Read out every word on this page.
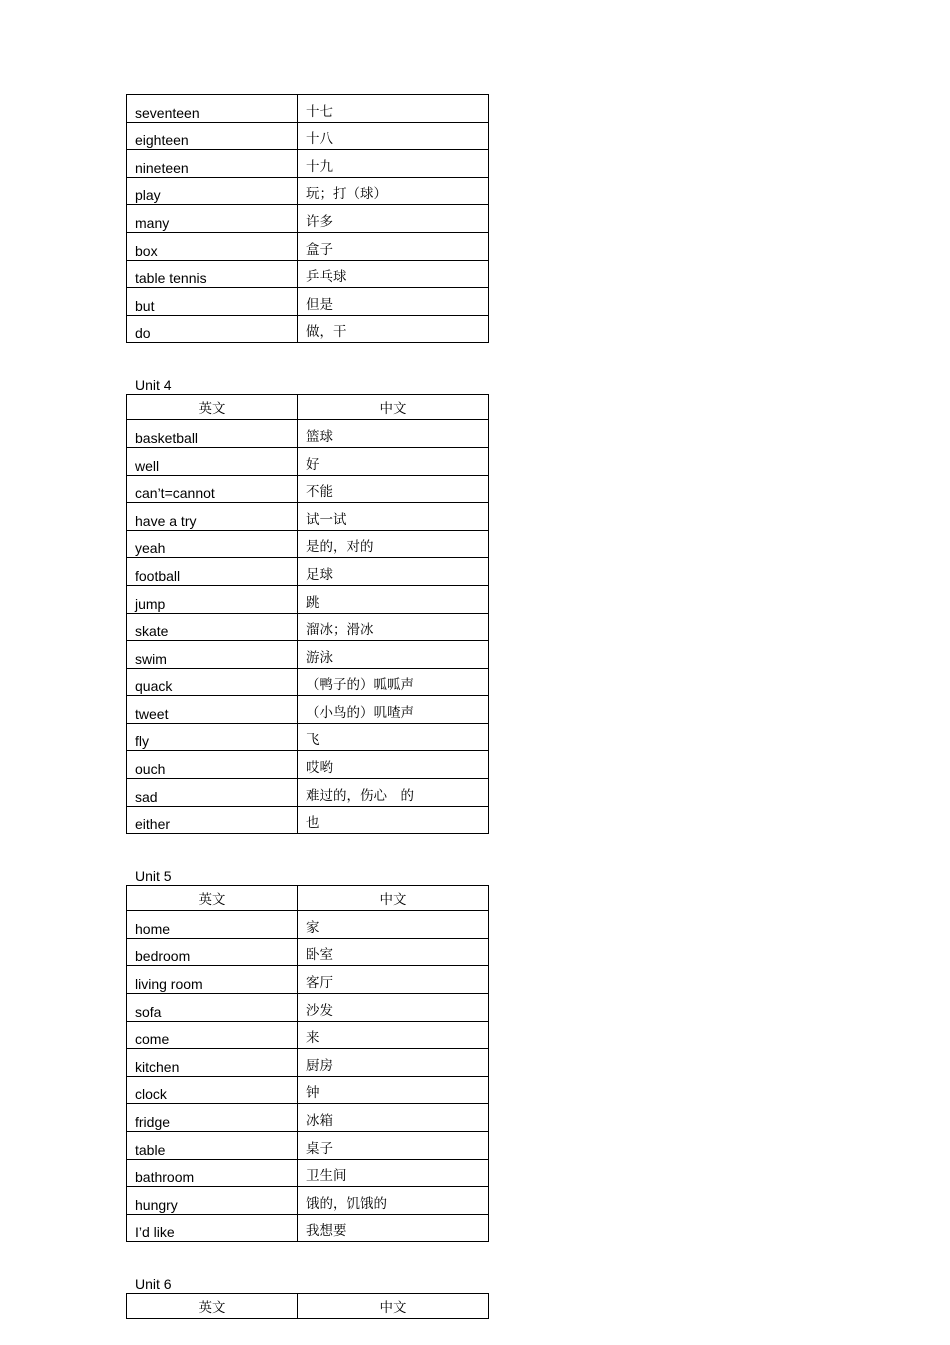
seventeen	十七
eighteen	十八
nineteen	十九
play	玩；打（球）
many	许多
box	盒子
table tennis	乒乓球
but	但是
do	做，干
Unit 4
英文	中文
basketball	篮球
well	好
can’t=cannot	不能
have a try	试一试
yeah	是的，对的
football	足球
jump	跳
skate	溜冰；滑冰
swim	游泳
quack	（鸭子的）呱呱声
tweet	（小鸟的）叽喳声
fly	飞
ouch	哎哟
sad	难过的，伤心　的
either	也
Unit 5
英文	中文
home	家
bedroom	卧室
living room	客厅
sofa	沙发
come	来
kitchen	厨房
clock	钟
fridge	冰箱
table	桌子
bathroom	卫生间
hungry	饿的，饥饿的
I’d like	我想要
Unit 6
英文	中文
